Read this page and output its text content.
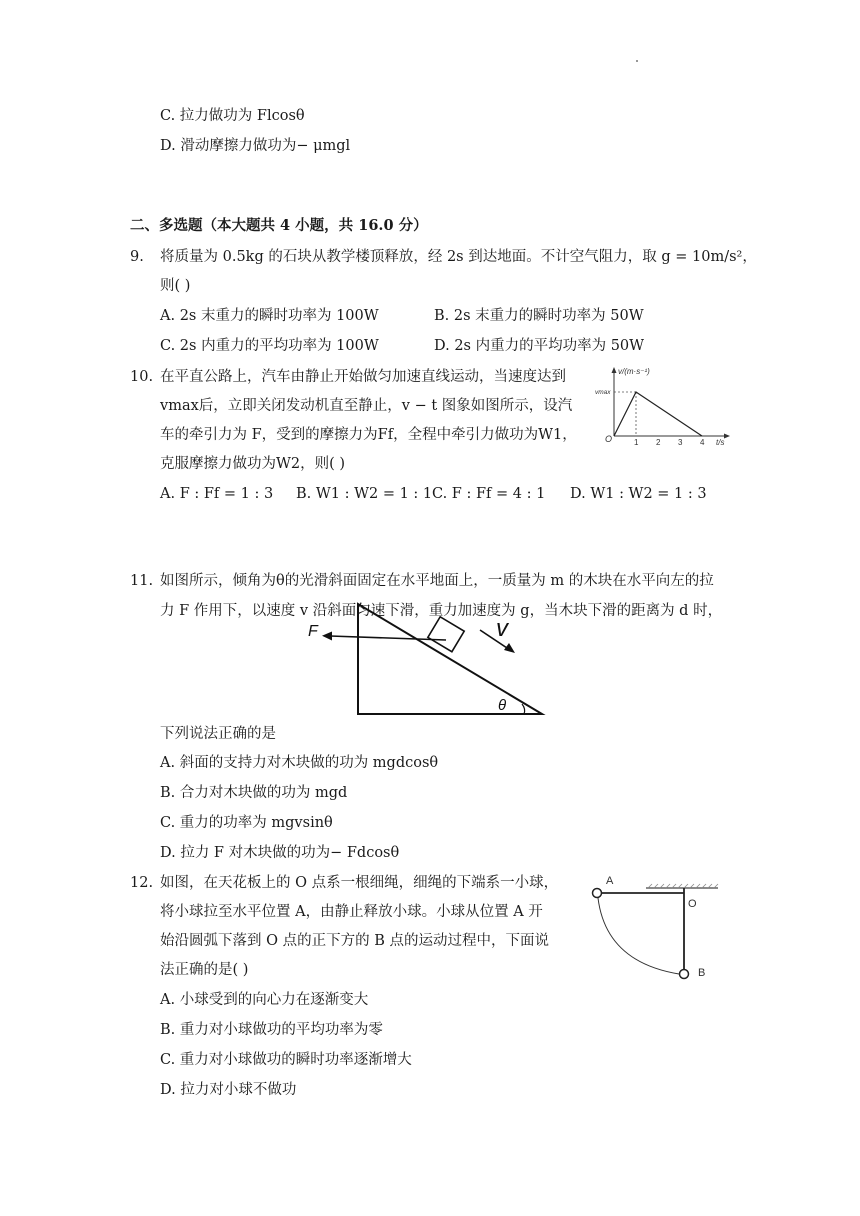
C. 拉力做功为 Flcosθ
D. 滑动摩擦力做功为− μmgl
二、多选题（本大题共 4 小题，共 16.0 分）
9. 将质量为 0.5kg 的石块从教学楼顶释放，经 2s 到达地面。不计空气阻力，取 g = 10m/s²，
则( )
A. 2s 末重力的瞬时功率为 100W	B. 2s 末重力的瞬时功率为 50W
C. 2s 内重力的平均功率为 100W	D. 2s 内重力的平均功率为 50W
10. 在平直公路上，汽车由静止开始做匀加速直线运动，当速度达到
vmax后，立即关闭发动机直至静止，v − t 图象如图所示，设汽
车的牵引力为 F，受到的摩擦力为Ff，全程中牵引力做功为W1，
克服摩擦力做功为W2，则( )
A. F : Ff = 1 : 3 B. W1 : W2 = 1 : 1 C. F : Ff = 4 : 1 D. W1 : W2 = 1 : 3
v/(m·s⁻¹)
vmax
O	1 2 3 4 t/s
11. 如图所示，倾角为θ的光滑斜面固定在水平地面上，一质量为 m 的木块在水平向左的拉
力 F 作用下，以速度 v 沿斜面匀速下滑，重力加速度为 g，当木块下滑的距离为 d 时，
F	v
θ
下列说法正确的是
A. 斜面的支持力对木块做的功为 mgdcosθ
B. 合力对木块做的功为 mgd
C. 重力的功率为 mgvsinθ
D. 拉力 F 对木块做的功为− Fdcosθ
12. 如图，在天花板上的 O 点系一根细绳，细绳的下端系一小球，
将小球拉至水平位置 A，由静止释放小球。小球从位置 A 开
始沿圆弧下落到 O 点的正下方的 B 点的运动过程中，下面说
法正确的是( )
A. 小球受到的向心力在逐渐变大
B. 重力对小球做功的平均功率为零
C. 重力对小球做功的瞬时功率逐渐增大
D. 拉力对小球不做功
A
O
B
